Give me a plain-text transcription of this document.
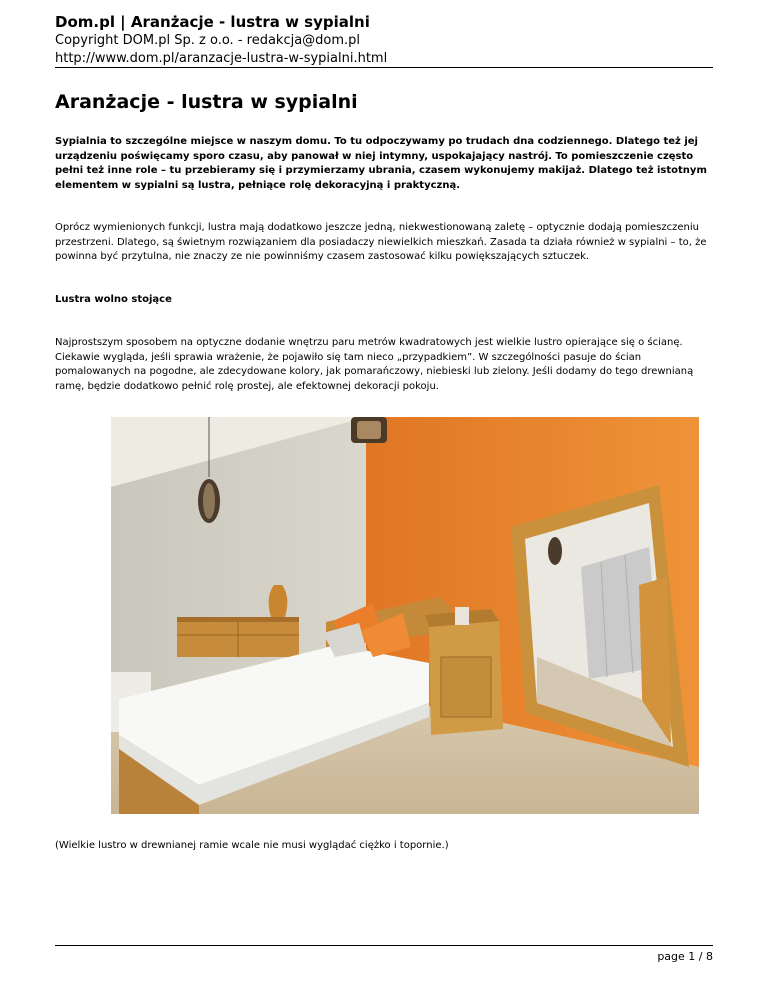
Dom.pl | Aranżacje - lustra w sypialni
Copyright DOM.pl Sp. z o.o. - redakcja@dom.pl
http://www.dom.pl/aranzacje-lustra-w-sypialni.html
Aranżacje - lustra w sypialni

Sypialnia to szczególne miejsce w naszym domu. To tu odpoczywamy po trudach dna codziennego. Dlatego też jej urządzeniu poświęcamy sporo czasu, aby panował w niej intymny, uspokajający nastrój. To pomieszczenie często pełni też inne role – tu przebieramy się i przymierzamy ubrania, czasem wykonujemy makijaż. Dlatego też istotnym elementem w sypialni są lustra, pełniące rolę dekoracyjną i praktyczną.

Oprócz wymienionych funkcji, lustra mają dodatkowo jeszcze jedną, niekwestionowaną zaletę – optycznie dodają pomieszczeniu przestrzeni. Dlatego, są świetnym rozwiązaniem dla posiadaczy niewielkich mieszkań. Zasada ta działa również w sypialni – to, że powinna być przytulna, nie znaczy ze nie powinniśmy czasem zastosować kilku powiększających sztuczek.

Lustra wolno stojące

Najprostszym sposobem na optyczne dodanie wnętrzu paru metrów kwadratowych jest wielkie lustro opierające się o ścianę. Ciekawie wygląda, jeśli sprawia wrażenie, że pojawiło się tam nieco „przypadkiem”. W szczególności pasuje do ścian pomalowanych na pogodne, ale zdecydowane kolory, jak pomarańczowy, niebieski lub zielony. Jeśli dodamy do tego drewnianą ramę, będzie dodatkowo pełnić rolę prostej, ale efektownej dekoracji pokoju.

(Wielkie lustro w drewnianej ramie wcale nie musi wyglądać ciężko i topornie.)

page 1 / 8
